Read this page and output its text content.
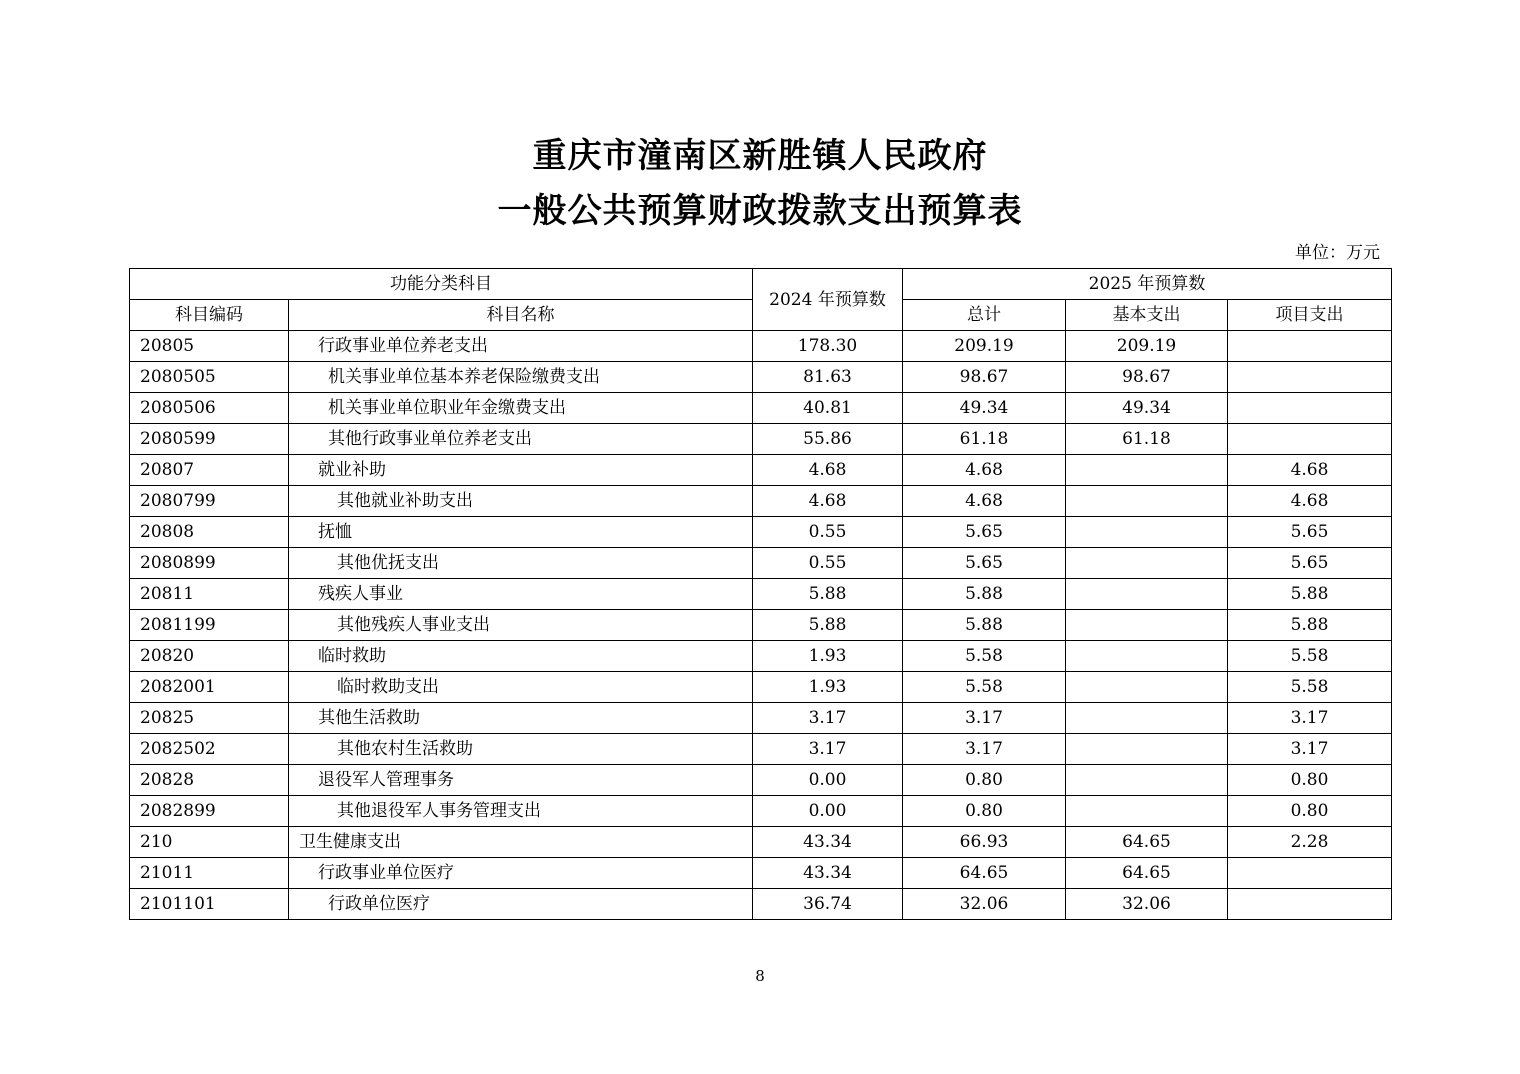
重庆市潼南区新胜镇人民政府
一般公共预算财政拨款支出预算表
单位：万元
功能分类科目		2024 年预算数	2025 年预算数		
科目编码	科目名称		总计	基本支出	项目支出
20805	行政事业单位养老支出	178.30	209.19	209.19	
2080505	机关事业单位基本养老保险缴费支出	81.63	98.67	98.67	
2080506	机关事业单位职业年金缴费支出	40.81	49.34	49.34	
2080599	其他行政事业单位养老支出	55.86	61.18	61.18	
20807	就业补助	4.68	4.68		4.68
2080799	其他就业补助支出	4.68	4.68		4.68
20808	抚恤	0.55	5.65		5.65
2080899	其他优抚支出	0.55	5.65		5.65
20811	残疾人事业	5.88	5.88		5.88
2081199	其他残疾人事业支出	5.88	5.88		5.88
20820	临时救助	1.93	5.58		5.58
2082001	临时救助支出	1.93	5.58		5.58
20825	其他生活救助	3.17	3.17		3.17
2082502	其他农村生活救助	3.17	3.17		3.17
20828	退役军人管理事务	0.00	0.80		0.80
2082899	其他退役军人事务管理支出	0.00	0.80		0.80
210	卫生健康支出	43.34	66.93	64.65	2.28
21011	行政事业单位医疗	43.34	64.65	64.65	
2101101	行政单位医疗	36.74	32.06	32.06	
8
